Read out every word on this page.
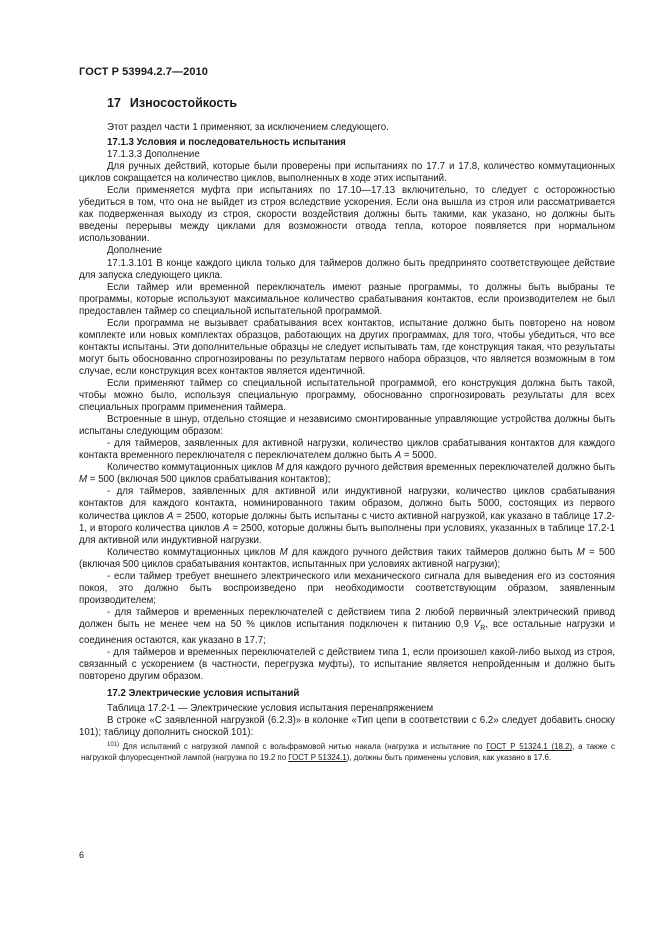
ГОСТ Р 53994.2.7—2010
17 Износостойкость

Этот раздел части 1 применяют, за исключением следующего.

17.1.3 Условия и последовательность испытания

17.1.3.3 Дополнение

Для ручных действий, которые были проверены при испытаниях по 17.7 и 17.8, количество коммутационных циклов сокращается на количество циклов, выполненных в ходе этих испытаний.

Если применяется муфта при испытаниях по 17.10—17.13 включительно, то следует с осторожностью убедиться в том, что она не выйдет из строя вследствие ускорения. Если она вышла из строя или рассматривается как подверженная выходу из строя, скорости воздействия должны быть такими, как указано, но должны быть введены перерывы между циклами для возможности отвода тепла, которое появляется при нормальном использовании.

Дополнение

17.1.3.101 В конце каждого цикла только для таймеров должно быть предпринято соответствующее действие для запуска следующего цикла.

Если таймер или временной переключатель имеют разные программы, то должны быть выбраны те программы, которые используют максимальное количество срабатывания контактов, если производителем не был предоставлен таймер со специальной испытательной программой.

Если программа не вызывает срабатывания всех контактов, испытание должно быть повторено на новом комплекте или новых комплектах образцов, работающих на других программах, для того, чтобы убедиться, что все контакты испытаны. Эти дополнительные образцы не следует испытывать там, где конструкция такая, что результаты могут быть обоснованно спрогнозированы по результатам первого набора образцов, что является возможным в том случае, если конструкция всех контактов является идентичной.

Если применяют таймер со специальной испытательной программой, его конструкция должна быть такой, чтобы можно было, используя специальную программу, обоснованно спрогнозировать результаты для всех специальных программ применения таймера.

Встроенные в шнур, отдельно стоящие и независимо смонтированные управляющие устройства должны быть испытаны следующим образом:

- для таймеров, заявленных для активной нагрузки, количество циклов срабатывания контактов для каждого контакта временного переключателя с переключателем должно быть A = 5000.

Количество коммутационных циклов M для каждого ручного действия временных переключателей должно быть M = 500 (включая 500 циклов срабатывания контактов);

- для таймеров, заявленных для активной или индуктивной нагрузки, количество циклов срабатывания контактов для каждого контакта, номинированного таким образом, должно быть 5000, состоящих из первого количества циклов A = 2500, которые должны быть испытаны с чисто активной нагрузкой, как указано в таблице 17.2-1, и второго количества циклов A = 2500, которые должны быть выполнены при условиях, указанных в таблице 17.2-1 для активной или индуктивной нагрузки.

Количество коммутационных циклов M для каждого ручного действия таких таймеров должно быть M = 500 (включая 500 циклов срабатывания контактов, испытанных при условиях активной нагрузки);

- если таймер требует внешнего электрического или механического сигнала для выведения его из состояния покоя, это должно быть воспроизведено при необходимости соответствующим образом, заявленным производителем;

- для таймеров и временных переключателей с действием типа 2 любой первичный электрический привод должен быть не менее чем на 50 % циклов испытания подключен к питанию 0,9 $V_R$, все остальные нагрузки и соединения остаются, как указано в 17.7;

- для таймеров и временных переключателей с действием типа 1, если произошел какой-либо выход из строя, связанный с ускорением (в частности, перегрузка муфты), то испытание является непройденным и должно быть повторено другим образом.

17.2 Электрические условия испытаний

Таблица 17.2-1 — Электрические условия испытания перенапряжением

В строке «С заявленной нагрузкой (6.2.3)» в колонке «Тип цепи в соответствии с 6.2» следует добавить сноску 101); таблицу дополнить сноской 101):

$^{101)}$ Для испытаний с нагрузкой лампой с вольфрамовой нитью накала (нагрузка и испытание по ГОСТ Р 51324.1 (18.2), а также с нагрузкой флуоресцентной лампой (нагрузка по 19.2 по ГОСТ Р 51324.1), должны быть применены условия, как указано в 17.6.

6
